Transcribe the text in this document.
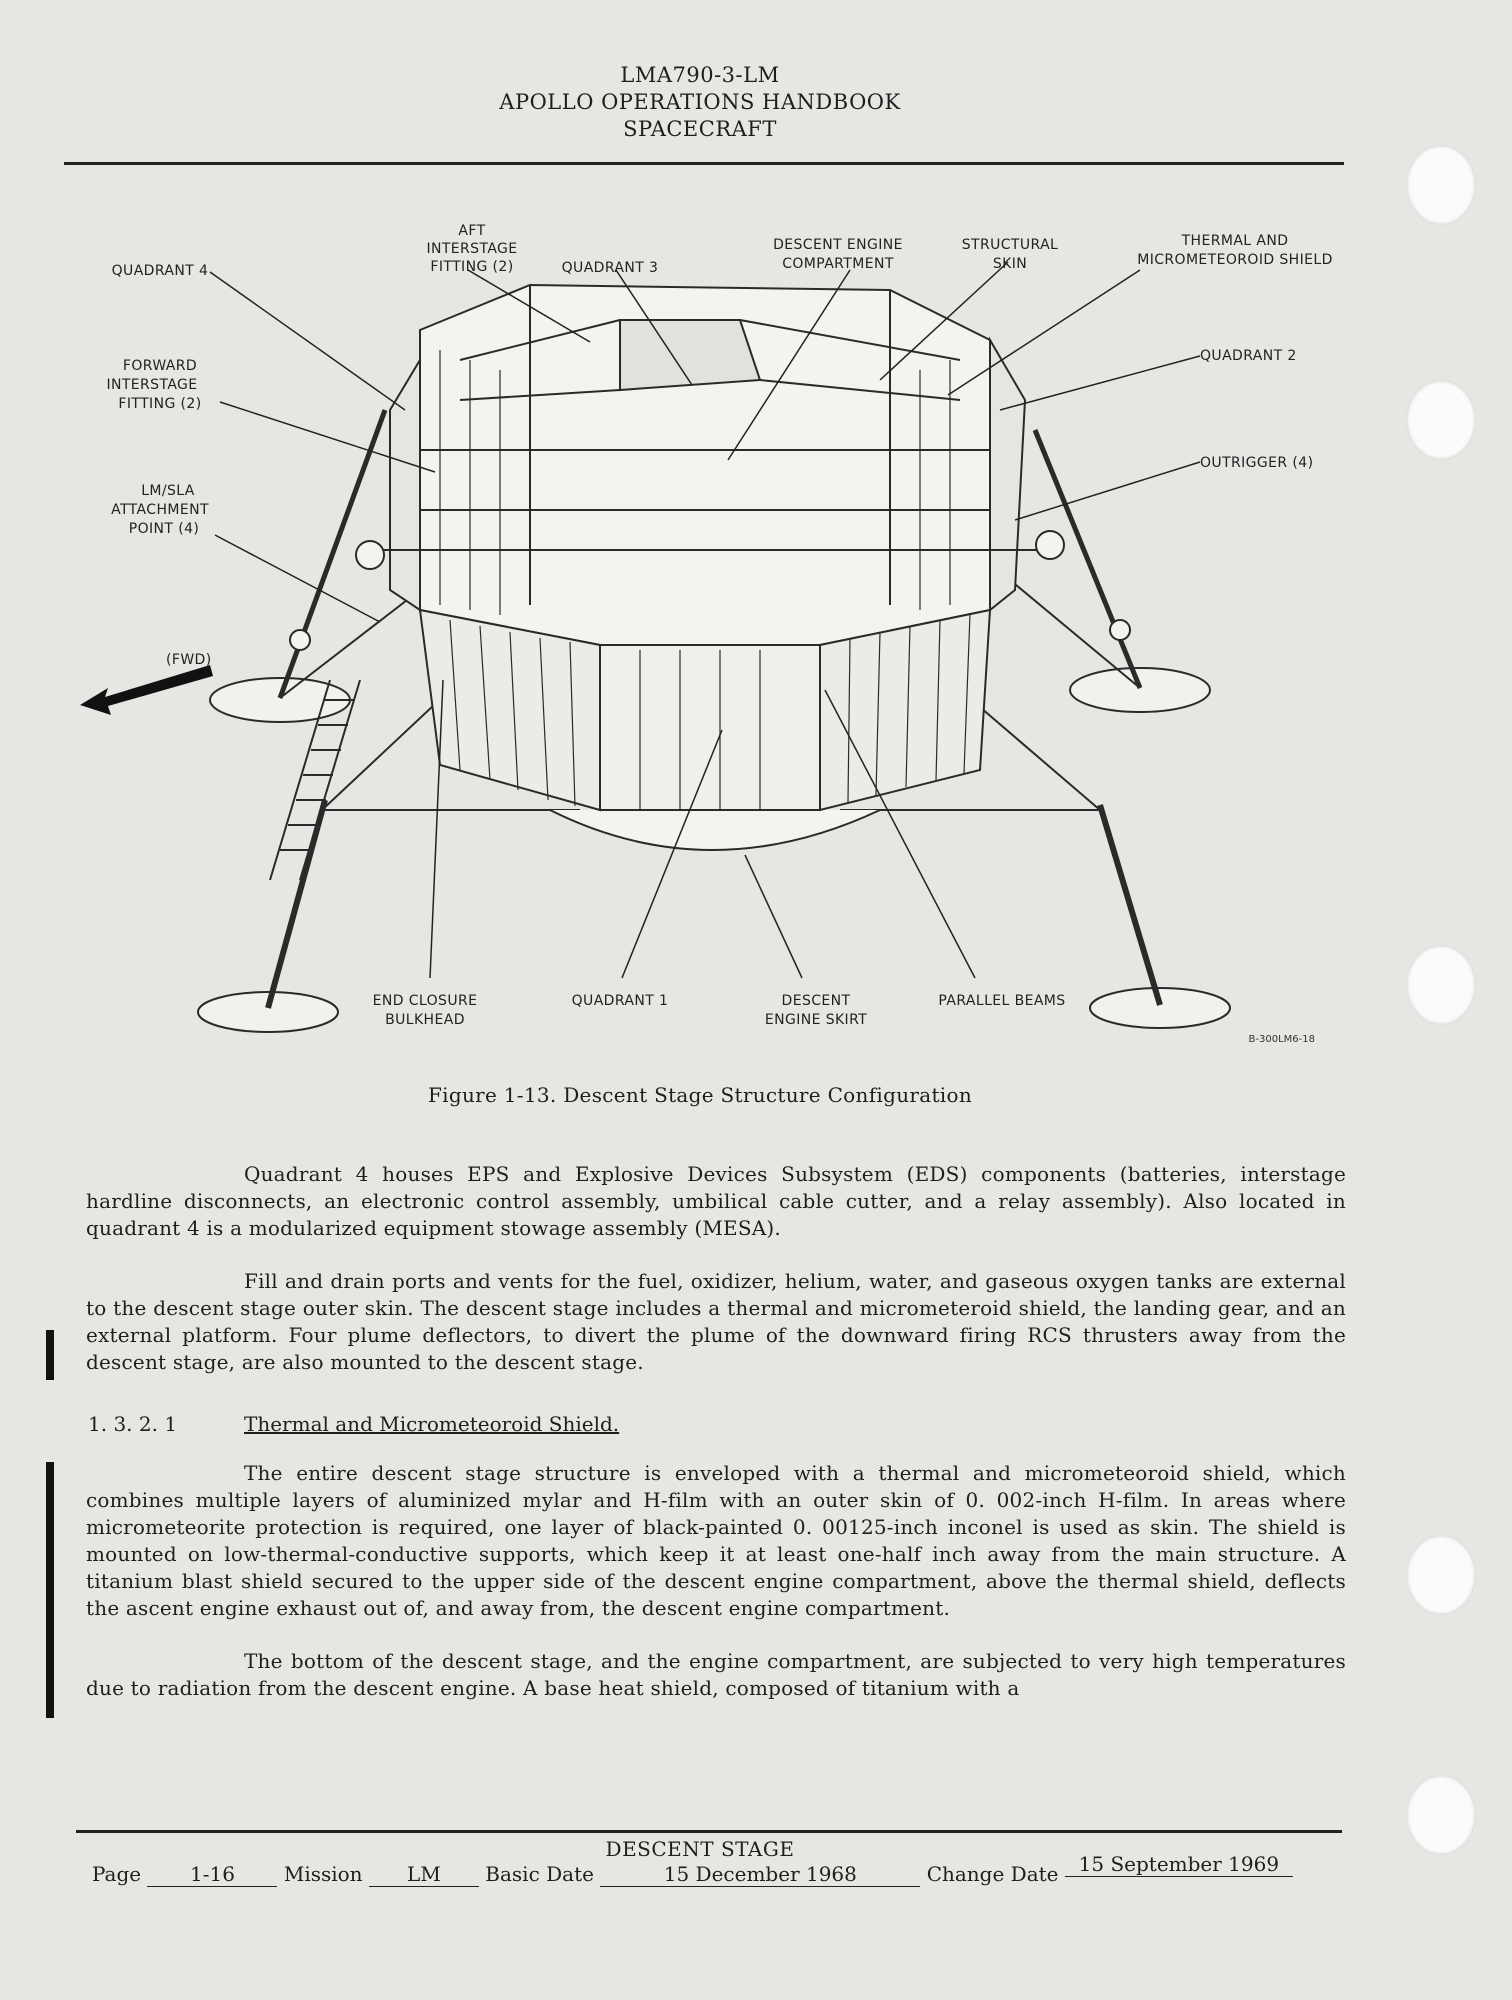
LMA790-3-LM
APOLLO OPERATIONS HANDBOOK
SPACECRAFT
AFT
INTERSTAGE
FITTING (2)
QUADRANT 4	QUADRANT 3
DESCENT ENGINE
COMPARTMENT
STRUCTURAL
SKIN
THERMAL AND
MICROMETEOROID SHIELD
QUADRANT 2
FORWARD
INTERSTAGE
FITTING (2)
OUTRIGGER (4)
LM/SLA
ATTACHMENT
POINT (4)
(FWD)
END CLOSURE
BULKHEAD
QUADRANT 1	DESCENT
ENGINE SKIRT
PARALLEL BEAMS
B-300LM6-18
Figure 1-13. Descent Stage Structure Configuration

Quadrant 4 houses EPS and Explosive Devices Subsystem (EDS) components (batteries, interstage hardline disconnects, an electronic control assembly, umbilical cable cutter, and a relay assembly). Also located in quadrant 4 is a modularized equipment stowage assembly (MESA).

Fill and drain ports and vents for the fuel, oxidizer, helium, water, and gaseous oxygen tanks are external to the descent stage outer skin. The descent stage includes a thermal and micrometeroid shield, the landing gear, and an external platform. Four plume deflectors, to divert the plume of the downward firing RCS thrusters away from the descent stage, are also mounted to the descent stage.

1. 3. 2. 1	Thermal and Micrometeoroid Shield.

The entire descent stage structure is enveloped with a thermal and micrometeoroid shield, which combines multiple layers of aluminized mylar and H-film with an outer skin of 0. 002-inch H-film. In areas where micrometeorite protection is required, one layer of black-painted 0. 00125-inch inconel is used as skin. The shield is mounted on low-thermal-conductive supports, which keep it at least one-half inch away from the main structure. A titanium blast shield secured to the upper side of the descent engine compartment, above the thermal shield, deflects the ascent engine exhaust out of, and away from, the descent engine compartment.

The bottom of the descent stage, and the engine compartment, are subjected to very high temperatures due to radiation from the descent engine. A base heat shield, composed of titanium with a

DESCENT STAGE
Page 1-16 Mission LM Basic Date	15 December 1968	Change Date 15 September 1969
